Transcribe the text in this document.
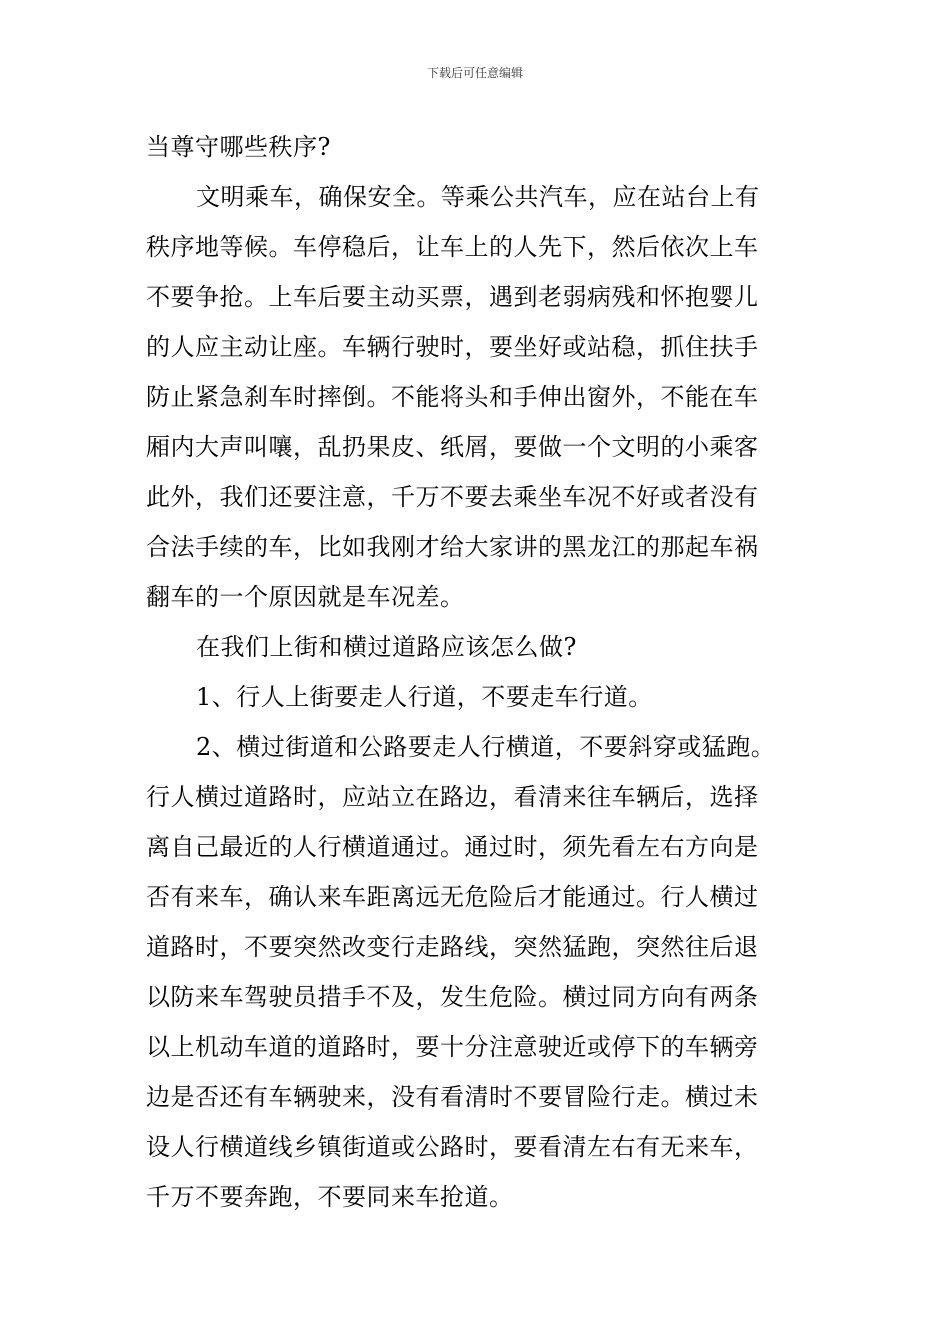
下载后可任意编辑
当尊守哪些秩序?
文明乘车，确保安全。等乘公共汽车，应在站台上有
秩序地等候。车停稳后，让车上的人先下，然后依次上车
不要争抢。上车后要主动买票，遇到老弱病残和怀抱婴儿
的人应主动让座。车辆行驶时，要坐好或站稳，抓住扶手
防止紧急刹车时摔倒。不能将头和手伸出窗外，不能在车
厢内大声叫嚷，乱扔果皮、纸屑，要做一个文明的小乘客
此外，我们还要注意，千万不要去乘坐车况不好或者没有
合法手续的车，比如我刚才给大家讲的黑龙江的那起车祸
翻车的一个原因就是车况差。
在我们上街和横过道路应该怎么做?
1、行人上街要走人行道，不要走车行道。
2、横过街道和公路要走人行横道，不要斜穿或猛跑。
行人横过道路时，应站立在路边，看清来往车辆后，选择
离自己最近的人行横道通过。通过时，须先看左右方向是
否有来车，确认来车距离远无危险后才能通过。行人横过
道路时，不要突然改变行走路线，突然猛跑，突然往后退
以防来车驾驶员措手不及，发生危险。横过同方向有两条
以上机动车道的道路时，要十分注意驶近或停下的车辆旁
边是否还有车辆驶来，没有看清时不要冒险行走。横过未
设人行横道线乡镇街道或公路时，要看清左右有无来车，
千万不要奔跑，不要同来车抢道。
